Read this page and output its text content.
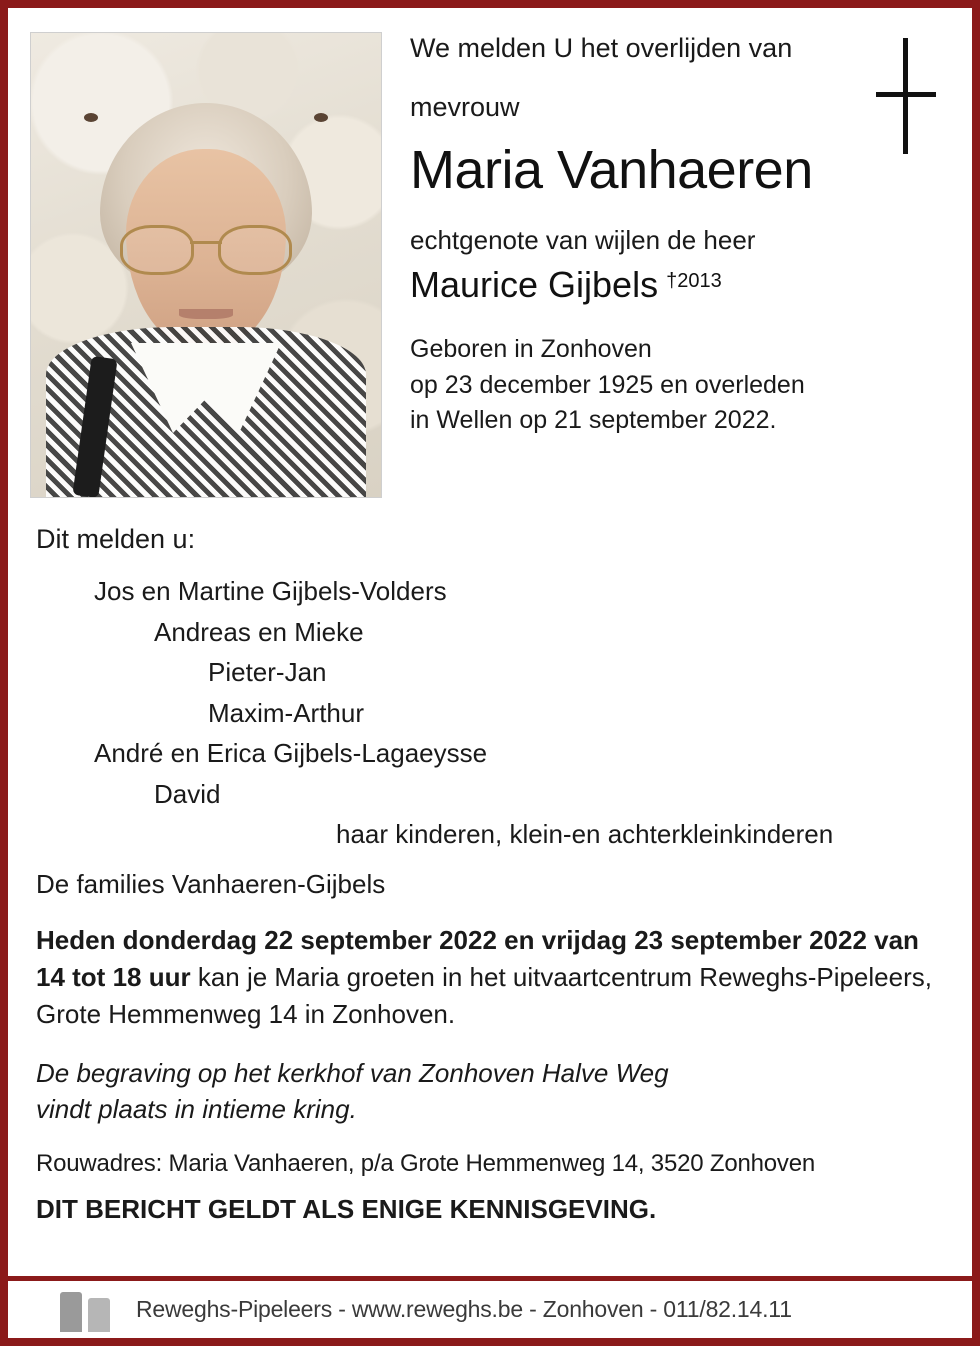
We melden U het overlijden van
mevrouw
Maria Vanhaeren
echtgenote van wijlen de heer
Maurice Gijbels $^{\dagger 2013}$
Geboren in Zonhoven
op 23 december 1925 en overleden
in Wellen op 21 september 2022.
Dit melden u:
Jos en Martine Gijbels-Volders
Andreas en Mieke
Pieter-Jan
Maxim-Arthur
André en Erica Gijbels-Lagaeysse
David
haar kinderen, klein-en achterkleinkinderen
De families Vanhaeren-Gijbels
Heden donderdag 22 september 2022 en vrijdag 23 september 2022 van 14 tot 18 uur kan je Maria groeten in het uitvaartcentrum Reweghs-Pipeleers, Grote Hemmenweg 14 in Zonhoven.
De begraving op het kerkhof van Zonhoven Halve Weg
vindt plaats in intieme kring.
Rouwadres: Maria Vanhaeren, p/a Grote Hemmenweg 14, 3520 Zonhoven
DIT BERICHT GELDT ALS ENIGE KENNISGEVING.
Reweghs-Pipeleers - www.reweghs.be - Zonhoven - 011/82.14.11
